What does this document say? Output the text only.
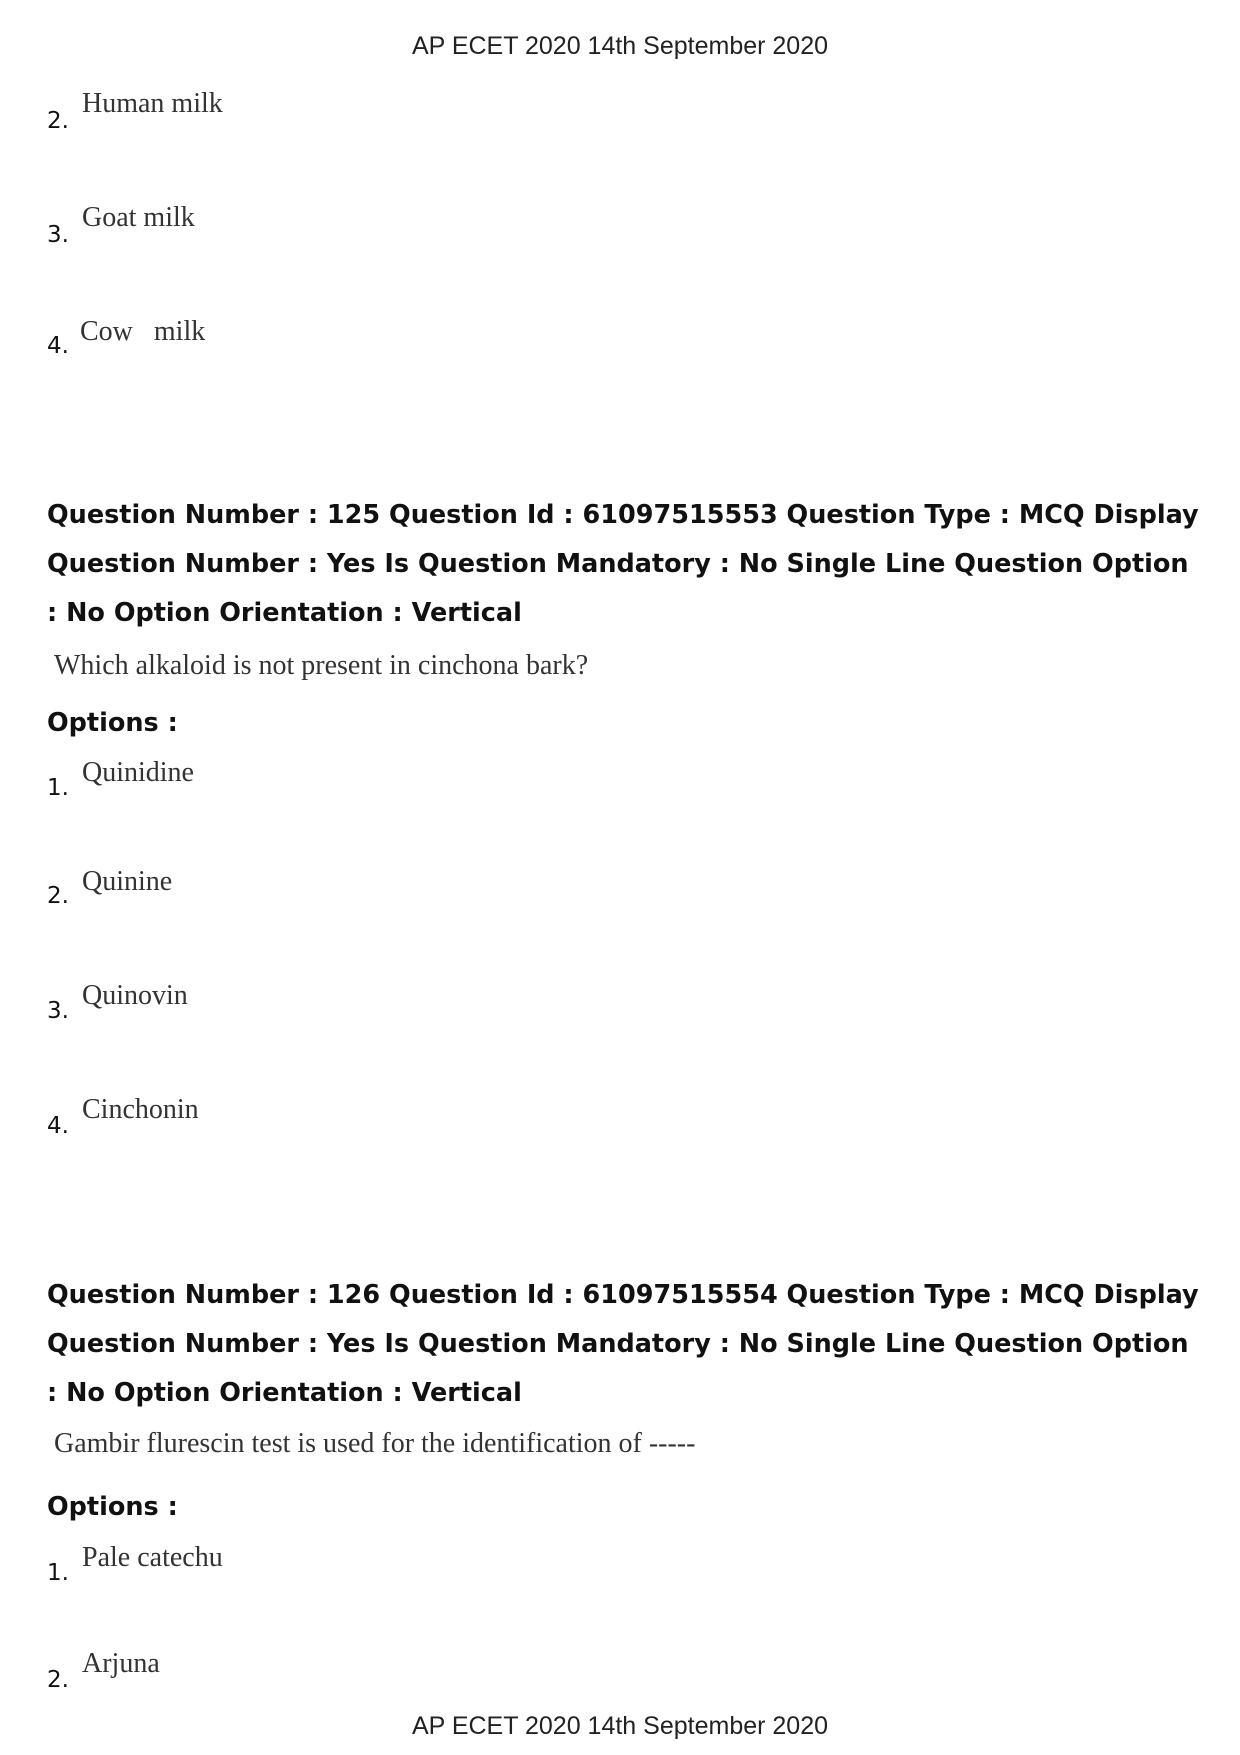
AP ECET 2020 14th September 2020
2.
Human milk
3.
Goat milk
4. Cow   milk
Question Number : 125 Question Id : 61097515553 Question Type : MCQ Display Question Number : Yes Is Question Mandatory : No Single Line Question Option : No Option Orientation : Vertical
Which alkaloid is not present in cinchona bark?
Options :
1. Quinidine
2. Quinine
3. Quinovin
4.
Cinchonin
Question Number : 126 Question Id : 61097515554 Question Type : MCQ Display Question Number : Yes Is Question Mandatory : No Single Line Question Option : No Option Orientation : Vertical
Gambir flurescin test is used for the identification of -----
Options :
1. Pale catechu
2.
Arjuna
AP ECET 2020 14th September 2020
